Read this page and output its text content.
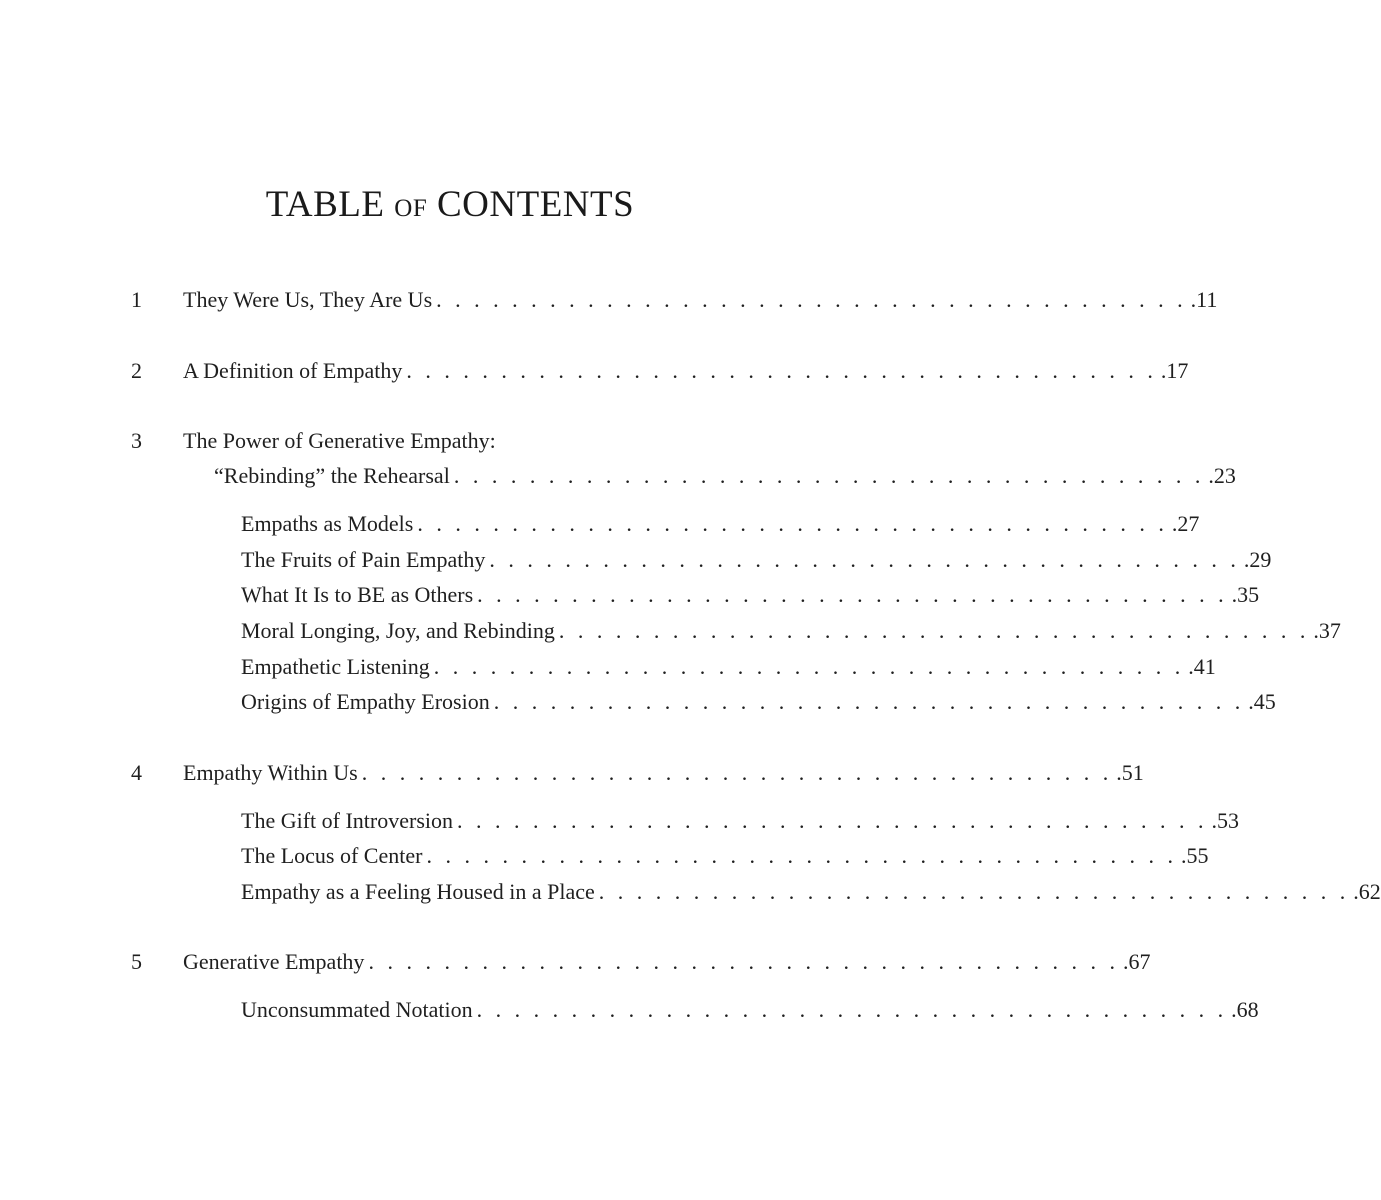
TABLE OF CONTENTS
1 They Were Us, They Are Us . . . . . . . . . . . . . . . . . . . . . . . . . . . . . . . . . . . . . . . . .11
2 A Definition of Empathy . . . . . . . . . . . . . . . . . . . . . . . . . . . . . . . . . . . . . . . . .17
3 The Power of Generative Empathy:
“Rebinding” the Rehearsal . . . . . . . . . . . . . . . . . . . . . . . . . . . . . . . . . . . . . . . . .23
Empaths as Models . . . . . . . . . . . . . . . . . . . . . . . . . . . . . . . . . . . . . . . . .27
The Fruits of Pain Empathy . . . . . . . . . . . . . . . . . . . . . . . . . . . . . . . . . . . . . . . . .29
What It Is to BE as Others . . . . . . . . . . . . . . . . . . . . . . . . . . . . . . . . . . . . . . . . .35
Moral Longing, Joy, and Rebinding . . . . . . . . . . . . . . . . . . . . . . . . . . . . . . . . . . . . . . . . .37
Empathetic Listening . . . . . . . . . . . . . . . . . . . . . . . . . . . . . . . . . . . . . . . . .41
Origins of Empathy Erosion . . . . . . . . . . . . . . . . . . . . . . . . . . . . . . . . . . . . . . . . .45
4 Empathy Within Us . . . . . . . . . . . . . . . . . . . . . . . . . . . . . . . . . . . . . . . . .51
The Gift of Introversion . . . . . . . . . . . . . . . . . . . . . . . . . . . . . . . . . . . . . . . . .53
The Locus of Center . . . . . . . . . . . . . . . . . . . . . . . . . . . . . . . . . . . . . . . . .55
Empathy as a Feeling Housed in a Place . . . . . . . . . . . . . . . . . . . . . . . . . . . . . . . . . . . . . . . . .62
5 Generative Empathy . . . . . . . . . . . . . . . . . . . . . . . . . . . . . . . . . . . . . . . . .67
Unconsummated Notation . . . . . . . . . . . . . . . . . . . . . . . . . . . . . . . . . . . . . . . . .68
